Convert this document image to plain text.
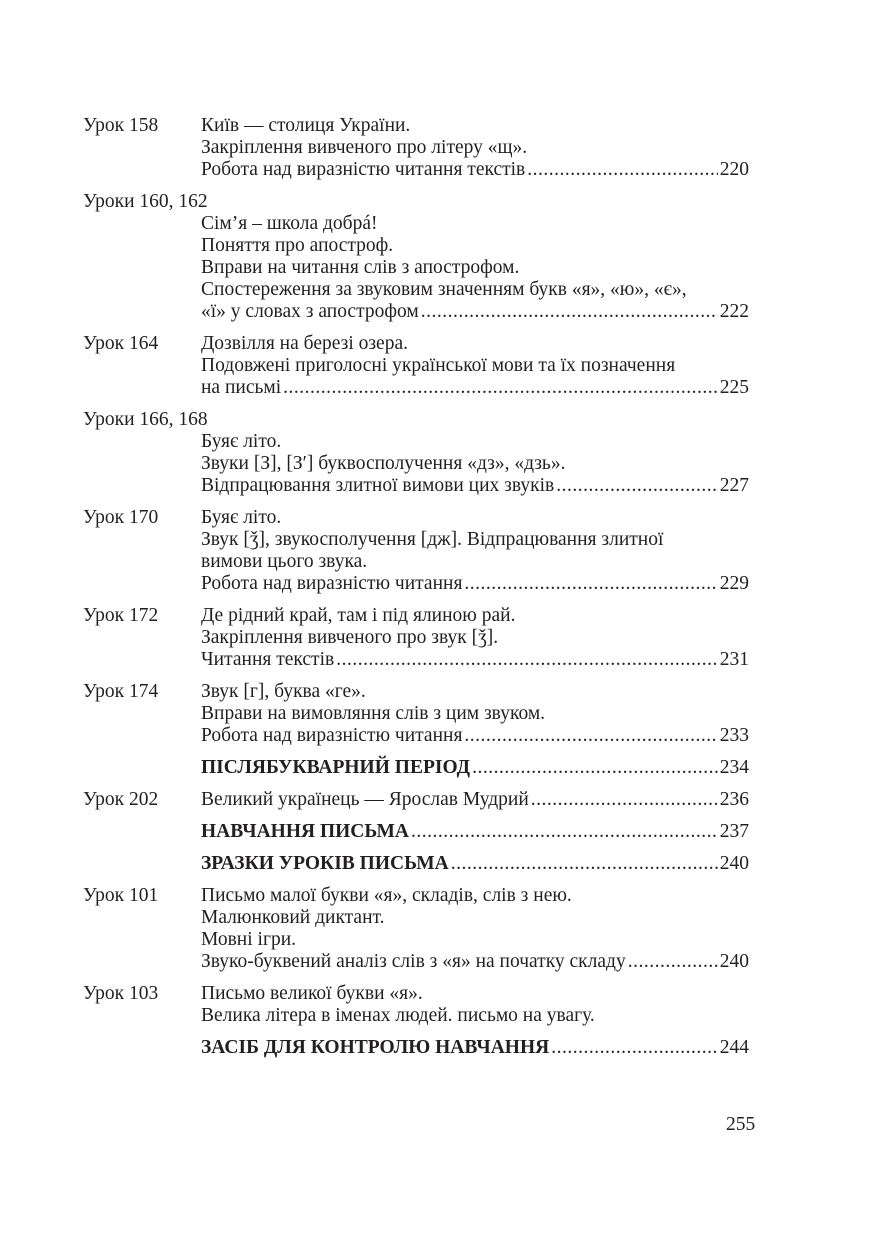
Урок 158 Київ — столиця України.
Закріплення вивченого про літеру «щ».
Робота над виразністю читання текстів .....	220
Уроки 160, 162
Сім’я ‒ школа добрá!
Поняття про апостроф.
Вправи на читання слів з апострофом.
Спостереження за звуковим значенням букв «я», «ю», «є»,
«ї» у словах з апострофом .....	222
Урок 164 Дозвілля на березі озера.
Подовжені приголосні української мови та їх позначення
на письмі .....	225
Уроки 166, 168
Буяє літо.
Звуки [З], [З′] буквосполучення «дз», «дзь».
Відпрацювання злитної вимови цих звуків .....	227
Урок 170 Буяє літо.
Звук [ǯ], звукосполучення [дж]. Відпрацювання злитної
вимови цього звука.
Робота над виразністю читання .....	229
Урок 172 Де рідний край, там і під ялиною рай.
Закріплення вивченого про звук [ǯ].
Читання текстів .....	231
Урок 174 Звук [г], буква «ге».
Вправи на вимовляння слів з цим звуком.
Робота над виразністю читання .....	233
ПІСЛЯБУКВАРНИЙ ПЕРІОД .....	234
Урок 202 Великий українець — Ярослав Мудрий .....	236
НАВЧАННЯ ПИСЬМА .....	237
ЗРАЗКИ УРОКІВ ПИСЬМА .....	240
Урок 101 Письмо малої букви «я», складів, слів з нею.
Малюнковий диктант.
Мовні ігри.
Звуко-буквений аналіз слів з «я» на початку складу .....	240
Урок 103 Письмо великої букви «я».
Велика літера в іменах людей. письмо на увагу.
ЗАСІБ ДЛЯ КОНТРОЛЮ НАВЧАННЯ .....	244
255
